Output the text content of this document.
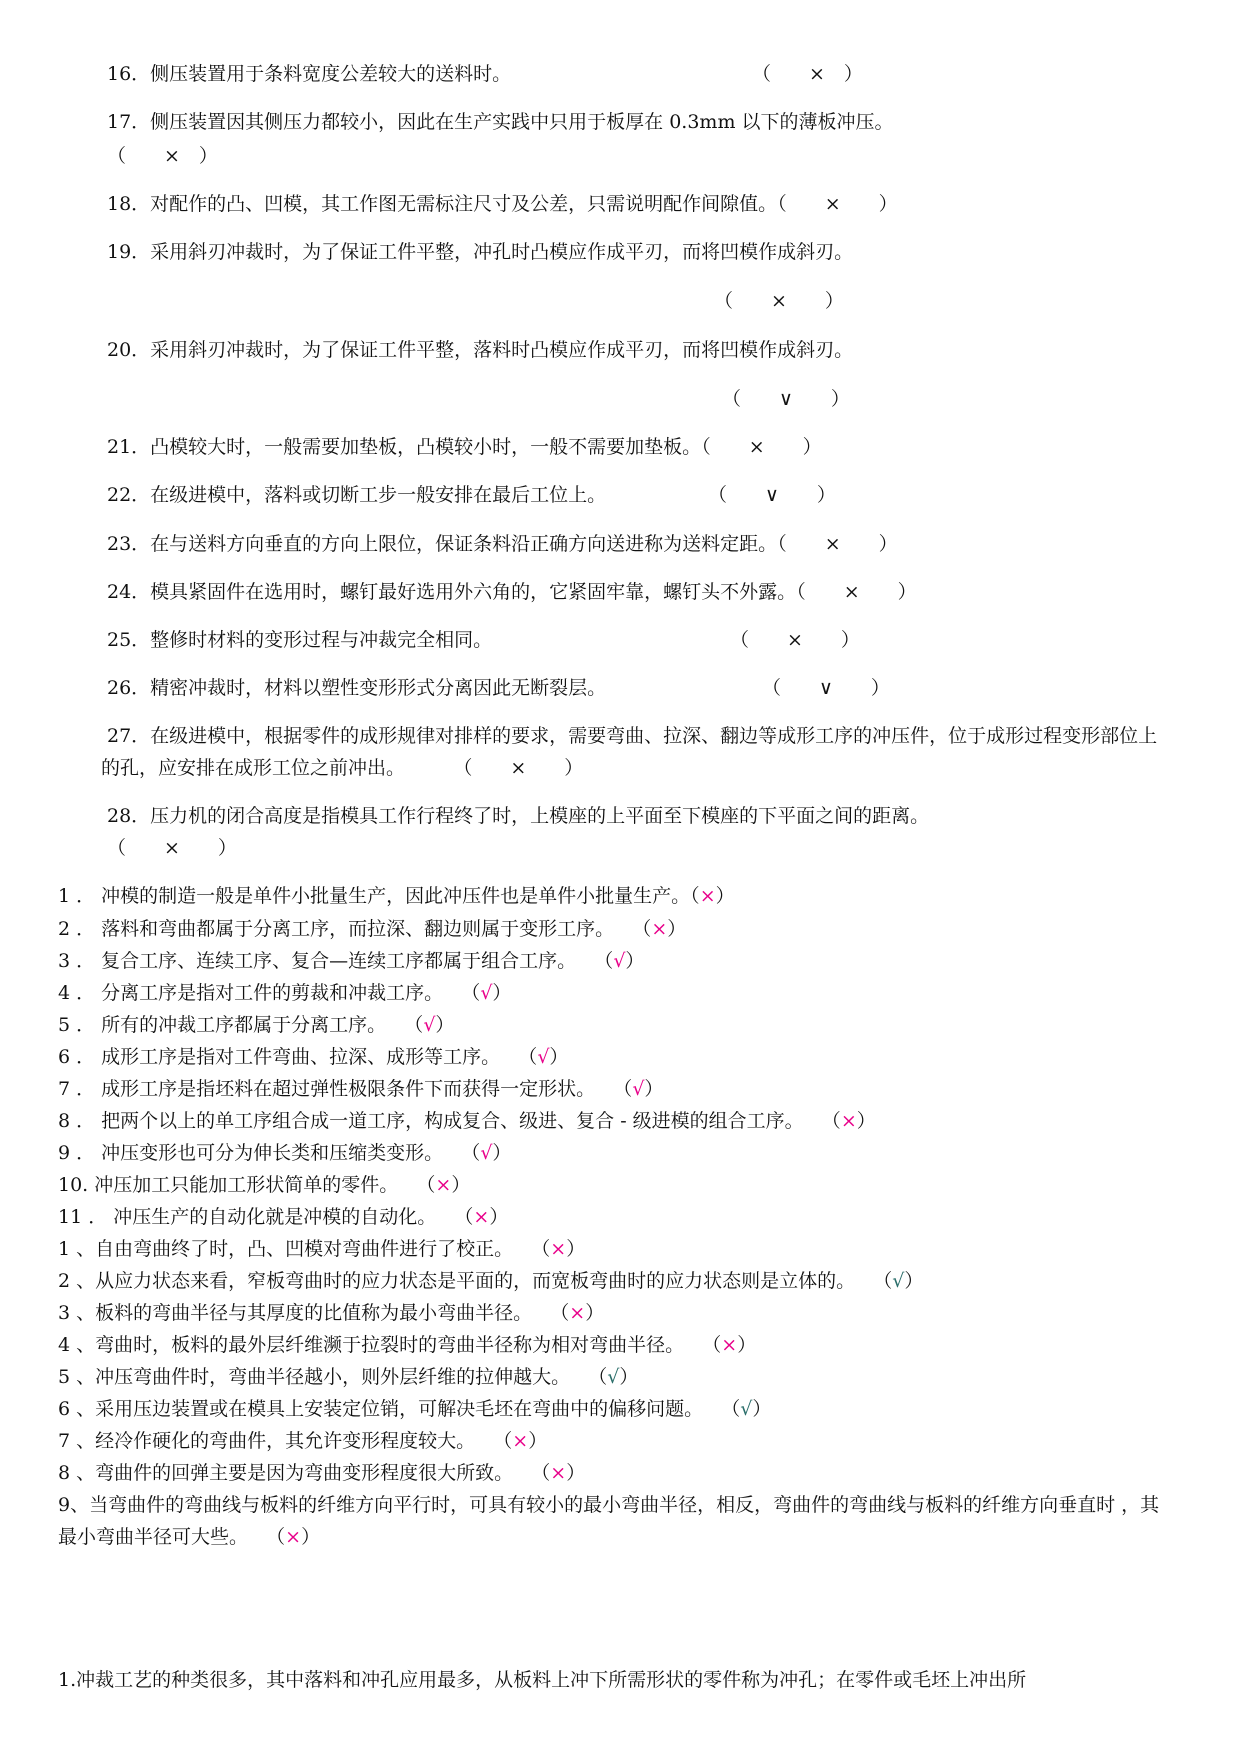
16．侧压装置用于条料宽度公差较大的送料时。	（　　×　）
17．侧压装置因其侧压力都较小，因此在生产实践中只用于板厚在 0.3mm 以下的薄板冲压。
（　　×　）
18．对配作的凸、凹模，其工作图无需标注尺寸及公差，只需说明配作间隙值。（　　×　　）
19．采用斜刃冲裁时，为了保证工件平整，冲孔时凸模应作成平刃，而将凹模作成斜刃。
（　　×　　）
20．采用斜刃冲裁时，为了保证工件平整，落料时凸模应作成平刃，而将凹模作成斜刃。
（　　∨　　）
21．凸模较大时，一般需要加垫板，凸模较小时，一般不需要加垫板。（　　×　　）
22．在级进模中，落料或切断工步一般安排在最后工位上。	（　　∨　　）
23．在与送料方向垂直的方向上限位，保证条料沿正确方向送进称为送料定距。（　　×　　）
24．模具紧固件在选用时，螺钉最好选用外六角的，它紧固牢靠，螺钉头不外露。（　　×　　）
25．整修时材料的变形过程与冲裁完全相同。	（　　×　　）
26．精密冲裁时，材料以塑性变形形式分离因此无断裂层。	（　　∨　　）
27．在级进模中，根据零件的成形规律对排样的要求，需要弯曲、拉深、翻边等成形工序的冲压件，位于成形过程变形部位上的孔，应安排在成形工位之前冲出。	（　　×　　）
28．压力机的闭合高度是指模具工作行程终了时，上模座的上平面至下模座的下平面之间的距离。
（　　×　　）
1 ． 冲模的制造一般是单件小批量生产，因此冲压件也是单件小批量生产。（×）
2 ． 落料和弯曲都属于分离工序，而拉深、翻边则属于变形工序。 （×）
3 ． 复合工序、连续工序、复合—连续工序都属于组合工序。 （√）
4 ． 分离工序是指对工件的剪裁和冲裁工序。 （√）
5 ． 所有的冲裁工序都属于分离工序。 （√）
6 ． 成形工序是指对工件弯曲、拉深、成形等工序。 （√）
7 ． 成形工序是指坯料在超过弹性极限条件下而获得一定形状。 （√）
8 ． 把两个以上的单工序组合成一道工序，构成复合、级进、复合 - 级进模的组合工序。 （×）
9 ． 冲压变形也可分为伸长类和压缩类变形。 （√）
10. 冲压加工只能加工形状简单的零件。 （×）
11 ． 冲压生产的自动化就是冲模的自动化。 （×）
1 、自由弯曲终了时，凸、凹模对弯曲件进行了校正。 （×）
2 、从应力状态来看，窄板弯曲时的应力状态是平面的，而宽板弯曲时的应力状态则是立体的。 （√）
3 、板料的弯曲半径与其厚度的比值称为最小弯曲半径。 （×）
4 、弯曲时，板料的最外层纤维濒于拉裂时的弯曲半径称为相对弯曲半径。 （×）
5 、冲压弯曲件时，弯曲半径越小，则外层纤维的拉伸越大。 （√）
6 、采用压边装置或在模具上安装定位销，可解决毛坯在弯曲中的偏移问题。 （√）
7 、经冷作硬化的弯曲件，其允许变形程度较大。 （×）
8 、弯曲件的回弹主要是因为弯曲变形程度很大所致。 （×）
9、当弯曲件的弯曲线与板料的纤维方向平行时，可具有较小的最小弯曲半径，相反，弯曲件的弯曲线与板料的纤维方向垂直时 ，其最小弯曲半径可大些。 （×）
1.冲裁工艺的种类很多，其中落料和冲孔应用最多，从板料上冲下所需形状的零件称为冲孔；在零件或毛坯上冲出所
